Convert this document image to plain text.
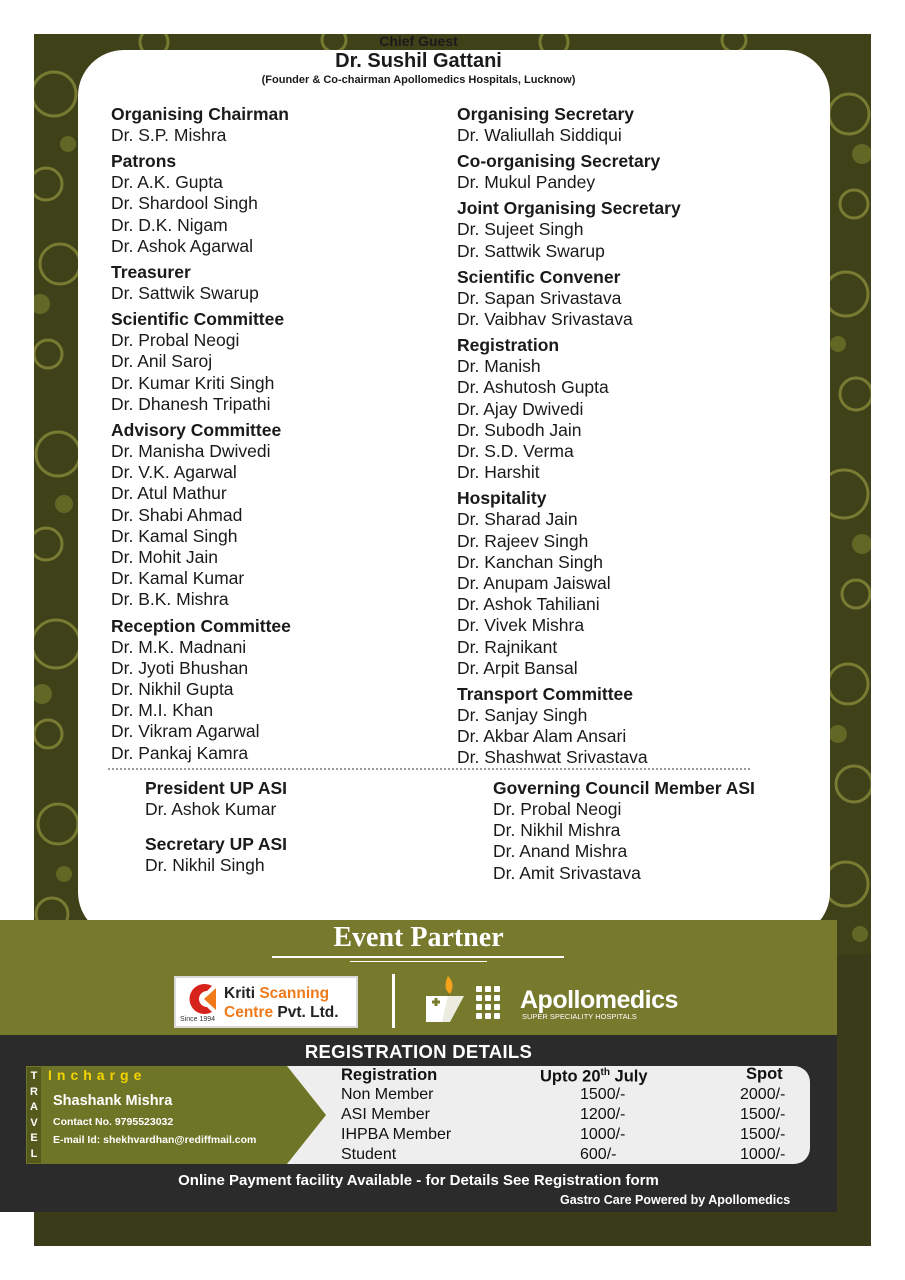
Chief Guest
Dr. Sushil Gattani
(Founder & Co-chairman Apollomedics Hospitals, Lucknow)
Organising Chairman
Dr. S.P. Mishra
Patrons
Dr. A.K. Gupta
Dr. Shardool Singh
Dr. D.K. Nigam
Dr. Ashok Agarwal
Treasurer
Dr. Sattwik Swarup
Scientific Committee
Dr. Probal Neogi
Dr. Anil Saroj
Dr. Kumar Kriti Singh
Dr. Dhanesh Tripathi
Advisory Committee
Dr. Manisha Dwivedi
Dr. V.K. Agarwal
Dr. Atul Mathur
Dr. Shabi Ahmad
Dr. Kamal Singh
Dr. Mohit Jain
Dr. Kamal Kumar
Dr. B.K. Mishra
Reception Committee
Dr. M.K. Madnani
Dr. Jyoti Bhushan
Dr. Nikhil Gupta
Dr. M.I. Khan
Dr. Vikram Agarwal
Dr. Pankaj Kamra
Organising Secretary
Dr. Waliullah Siddiqui
Co-organising Secretary
Dr. Mukul Pandey
Joint Organising Secretary
Dr. Sujeet Singh
Dr. Sattwik Swarup
Scientific Convener
Dr. Sapan Srivastava
Dr. Vaibhav Srivastava
Registration
Dr. Manish
Dr. Ashutosh Gupta
Dr. Ajay Dwivedi
Dr. Subodh Jain
Dr. S.D. Verma
Dr. Harshit
Hospitality
Dr. Sharad Jain
Dr. Rajeev Singh
Dr. Kanchan Singh
Dr. Anupam Jaiswal
Dr. Ashok Tahiliani
Dr. Vivek Mishra
Dr. Rajnikant
Dr. Arpit Bansal
Transport Committee
Dr. Sanjay Singh
Dr. Akbar Alam Ansari
Dr. Shashwat Srivastava
President UP ASI
Dr. Ashok Kumar
Secretary UP ASI
Dr. Nikhil Singh
Governing Council Member ASI
Dr. Probal Neogi
Dr. Nikhil Mishra
Dr. Anand Mishra
Dr. Amit Srivastava
Event Partner
Since 1994
Kriti Scanning
Centre Pvt. Ltd.	Apollomedics
SUPER SPECIALITY HOSPITALS
REGISTRATION DETAILS
T
R
A
V
E
L
Incharge
Shashank Mishra
Contact No. 9795523032
E-mail Id: shekhvardhan@rediffmail.com
Registration	Upto 20th July	Spot
Non Member	1500/-	2000/-
ASI Member	1200/-	1500/-
IHPBA Member	1000/-	1500/-
Student	600/-	1000/-
Online Payment facility Available - for Details See Registration form
Gastro Care Powered by Apollomedics
